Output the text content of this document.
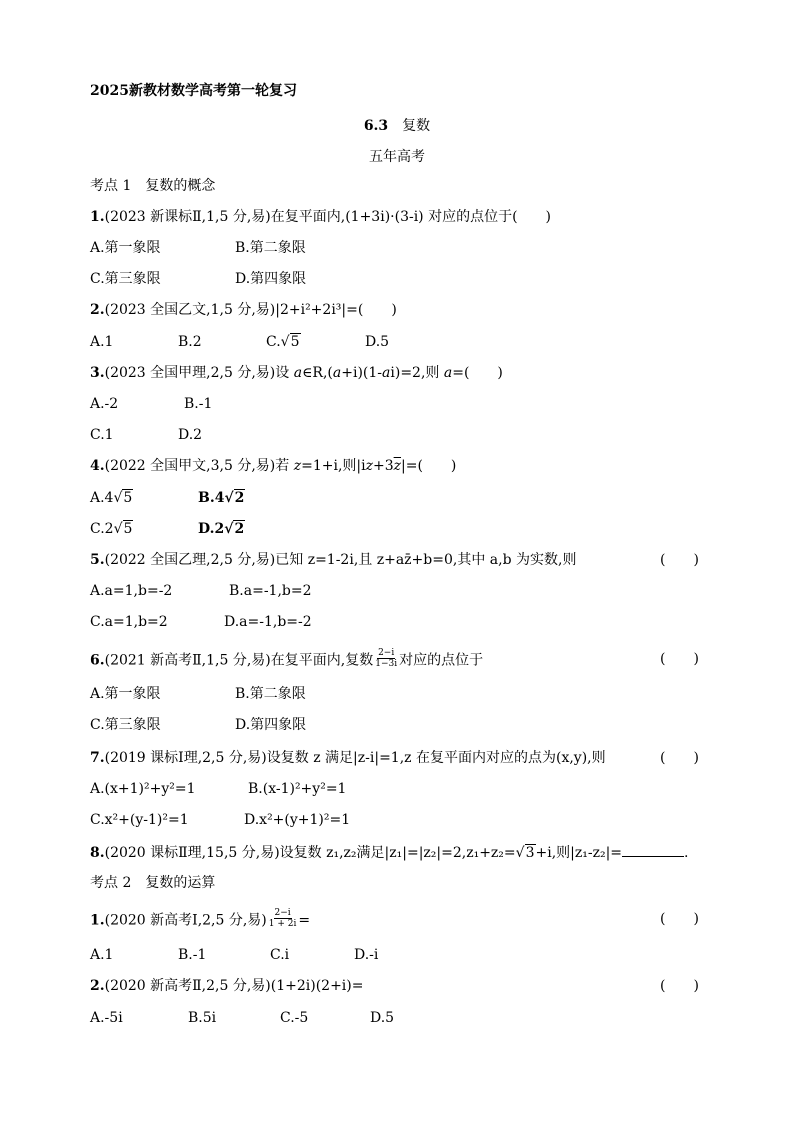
2025新教材数学高考第一轮复习
6.3　 复数
五年高考
考点 1　复数的概念
1.(2023 新课标Ⅱ,1,5 分,易)在复平面内,(1+3i)·(3-i) 对应的点位于(　　)
A.第一象限	B.第二象限
C.第三象限	D.第四象限
2.(2023 全国乙文,1,5 分,易)|2+i²+2i³|=(　　)
A.1	B.2	C.√5	D.5
3.(2023 全国甲理,2,5 分,易)设 a∈R,(a+i)(1-ai)=2,则 a=(　　)
A.-2	B.-1
C.1	D.2
4.(2022 全国甲文,3,5 分,易)若 z=1+i,则$|iz+3\overline{z}|=$(　　)
A.4√5	B.4√2
C.2√5	D.2√2
5.(2022 全国乙理,2,5 分,易)已知 z=1-2i,且 z+az̄+b=0,其中 a,b 为实数,则	(　　)
A.a=1,b=-2	B.a=-1,b=2
C.a=1,b=2	D.a=-1,b=-2
6.(2021 新高考Ⅱ,1,5 分,易)在复平面内,复数 $\frac{2-i}{1-3i}$ 对应的点位于	(　　)
A.第一象限	B.第二象限
C.第三象限	D.第四象限
7.(2019 课标Ⅰ理,2,5 分,易)设复数 z 满足|z-i|=1,z 在复平面内对应的点为(x,y),则	(　　)
A.(x+1)²+y²=1	B.(x-1)²+y²=1
C.x²+(y-1)²=1	D.x²+(y+1)²=1
8.(2020 课标Ⅱ理,15,5 分,易)设复数 z₁,z₂满足|z₁|=|z₂|=2,z₁+z₂=√3+i,则|z₁-z₂|=	.
考点 2　复数的运算
1.(2020 新高考Ⅰ,2,5 分,易) $\frac{2-i}{1 + 2i}$ =	(　　)
A.1	B.-1	C.i	D.-i
2.(2020 新高考Ⅱ,2,5 分,易)(1+2i)(2+i)=	(　　)
A.-5i	B.5i	C.-5	D.5
